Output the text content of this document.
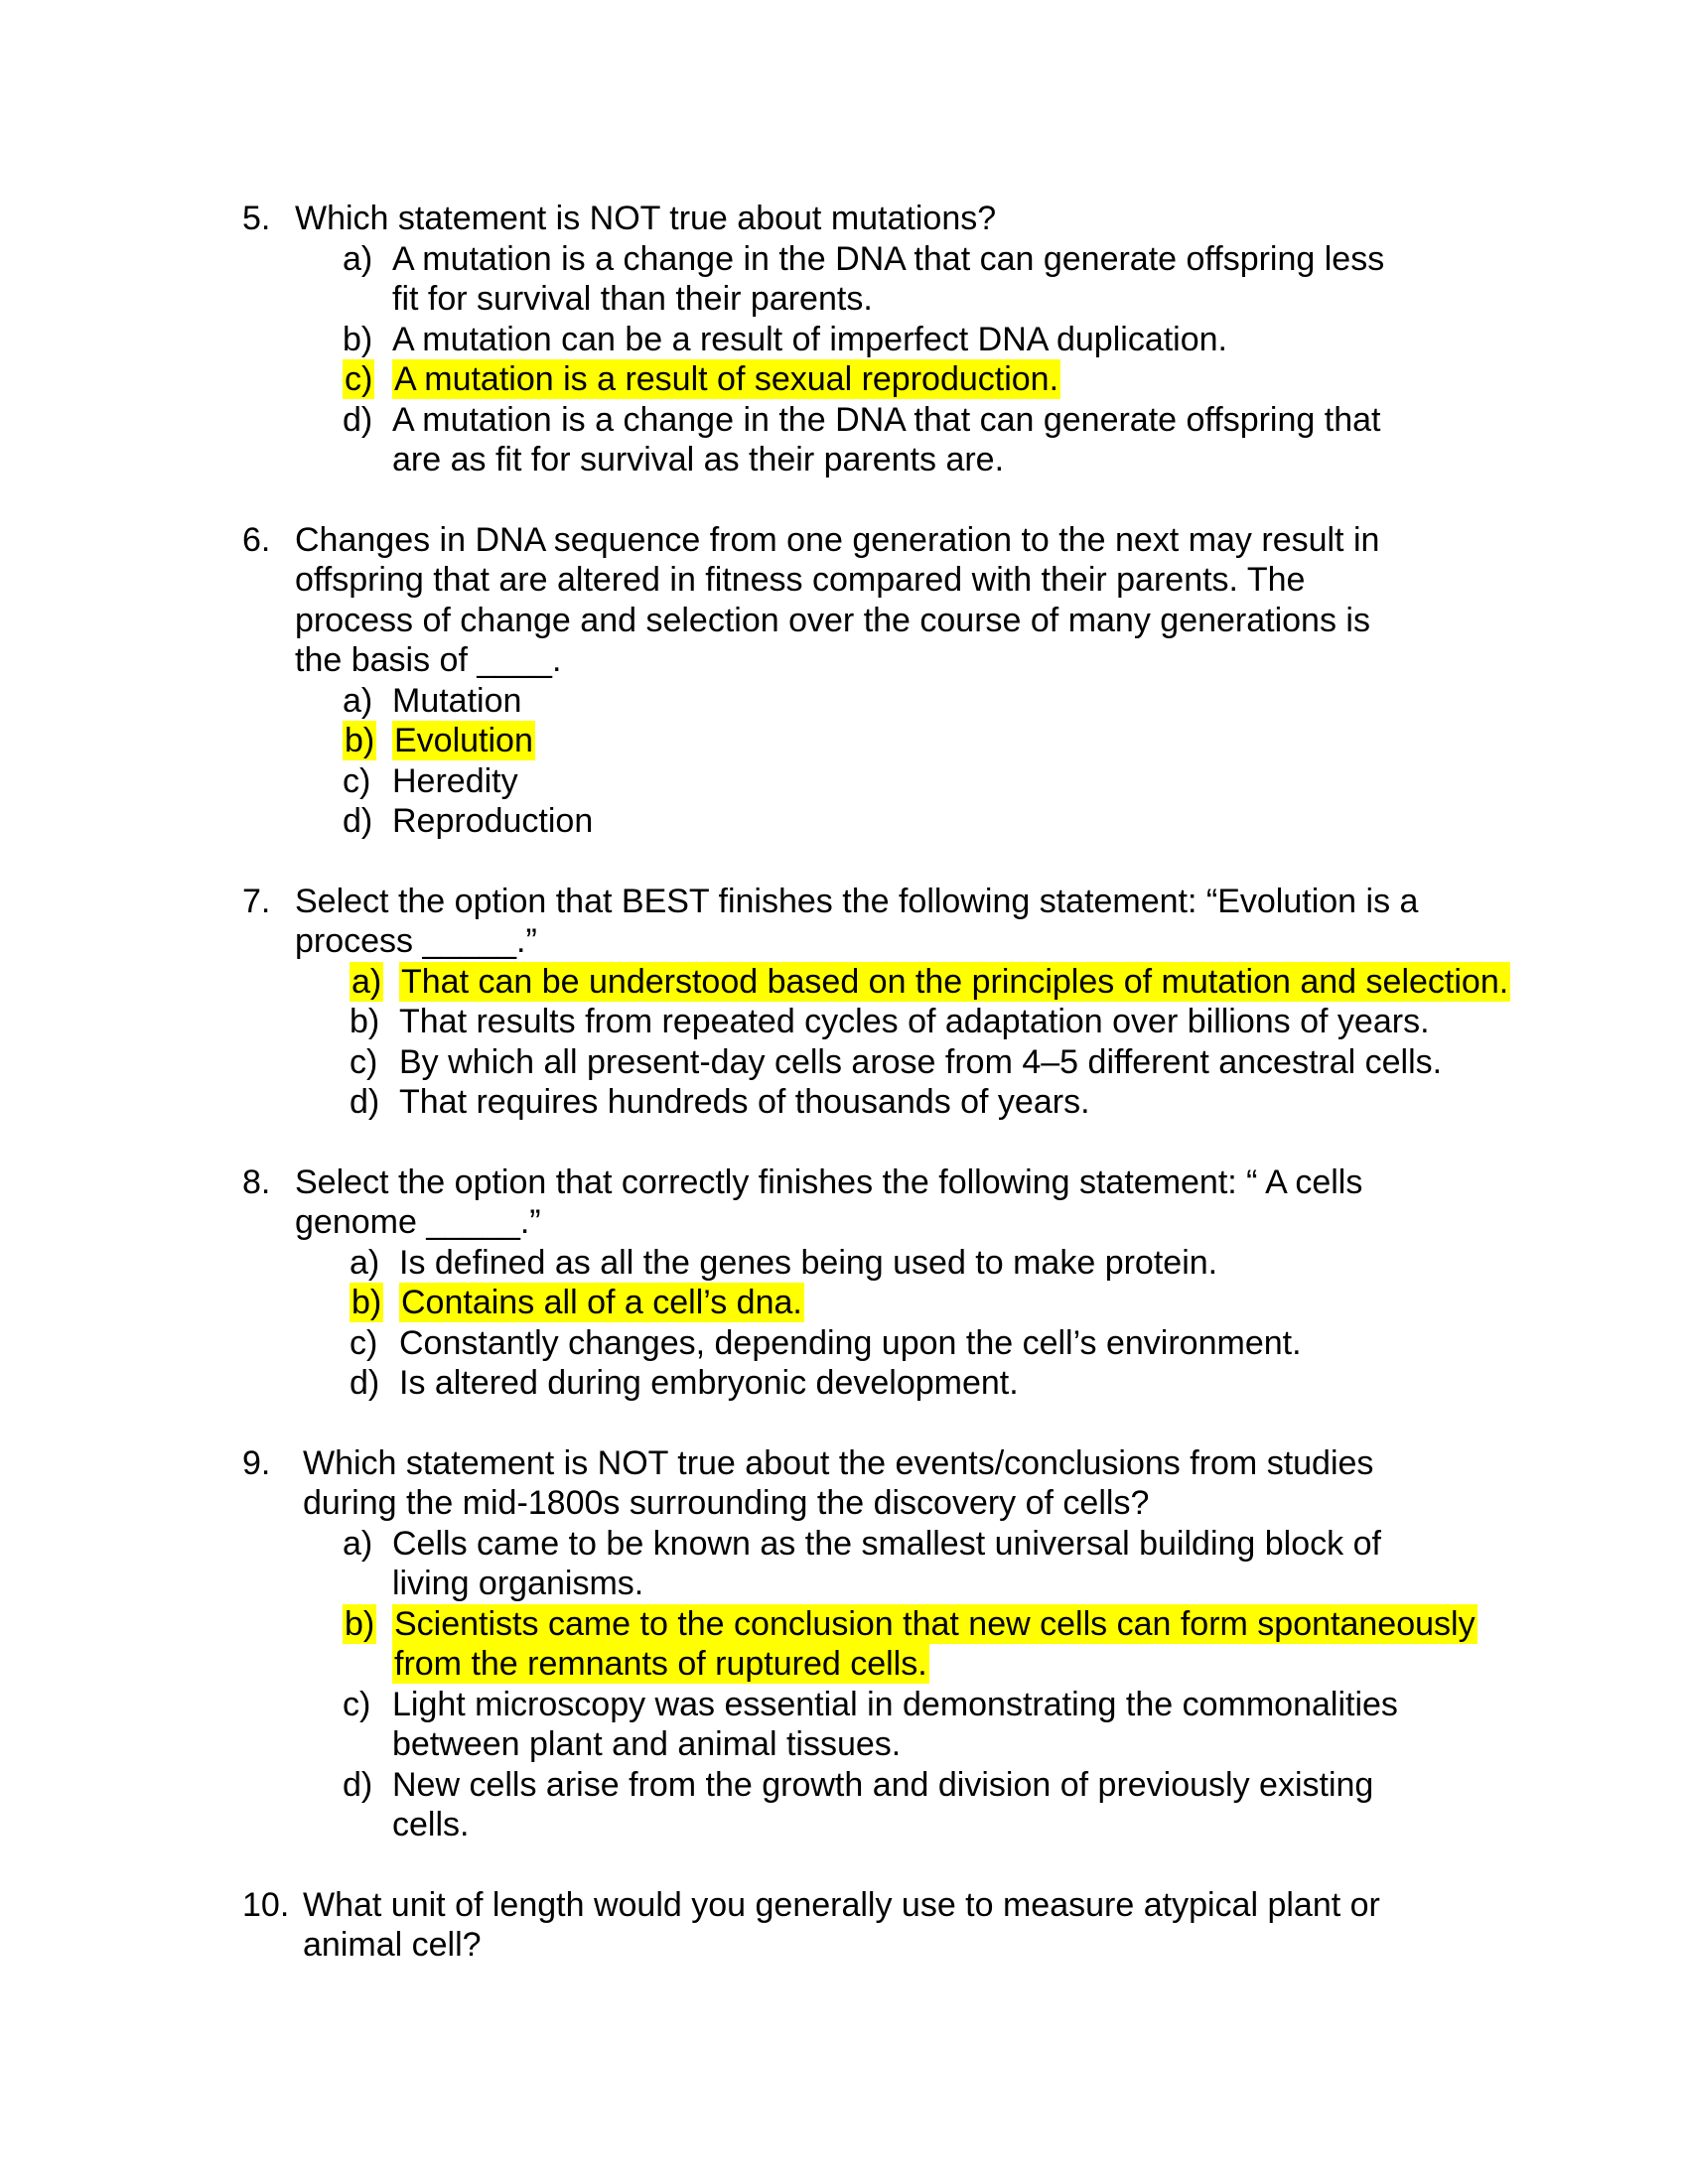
5. Which statement is NOT true about mutations?
a) A mutation is a change in the DNA that can generate offspring less
fit for survival than their parents.
b) A mutation can be a result of imperfect DNA duplication.
c) A mutation is a result of sexual reproduction.
d) A mutation is a change in the DNA that can generate offspring that
are as fit for survival as their parents are.
6. Changes in DNA sequence from one generation to the next may result in
offspring that are altered in fitness compared with their parents. The
process of change and selection over the course of many generations is
the basis of ____.
a) Mutation
b) Evolution
c) Heredity
d) Reproduction
7. Select the option that BEST finishes the following statement: “Evolution is a
process _____.”
a) That can be understood based on the principles of mutation and selection.
b) That results from repeated cycles of adaptation over billions of years.
c) By which all present-day cells arose from 4–5 different ancestral cells.
d) That requires hundreds of thousands of years.
8. Select the option that correctly finishes the following statement: “ A cells
genome _____.”
a) Is defined as all the genes being used to make protein.
b) Contains all of a cell’s dna.
c) Constantly changes, depending upon the cell’s environment.
d) Is altered during embryonic development.
9. Which statement is NOT true about the events/conclusions from studies
during the mid-1800s surrounding the discovery of cells?
a) Cells came to be known as the smallest universal building block of
living organisms.
b) Scientists came to the conclusion that new cells can form spontaneously
from the remnants of ruptured cells.
c) Light microscopy was essential in demonstrating the commonalities
between plant and animal tissues.
d) New cells arise from the growth and division of previously existing
cells.
10. What unit of length would you generally use to measure atypical plant or
animal cell?
